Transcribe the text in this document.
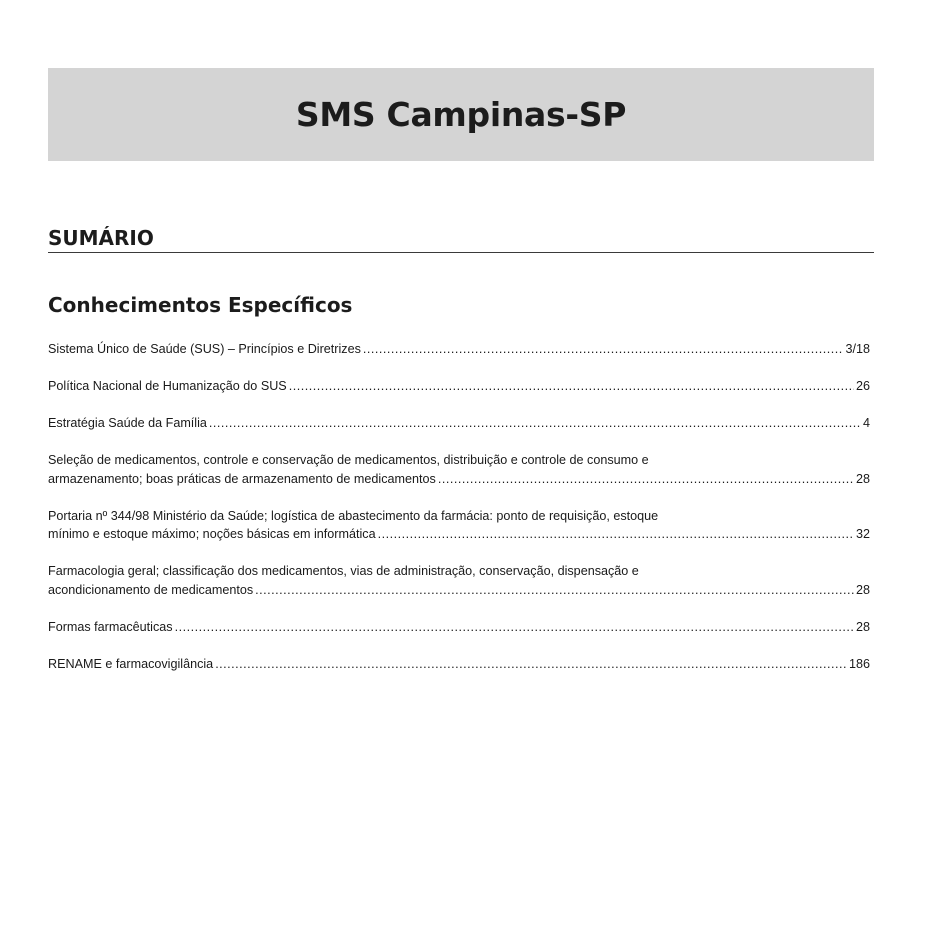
SMS Campinas-SP
SUMÁRIO
Conhecimentos Específicos
Sistema Único de Saúde (SUS) – Princípios e Diretrizes .....	3/18
Política Nacional de Humanização do SUS .....	26
Estratégia Saúde da Família .....	4
Seleção de medicamentos, controle e conservação de medicamentos, distribuição e controle de consumo e
armazenamento; boas práticas de armazenamento de medicamentos .....	28
Portaria nº 344/98 Ministério da Saúde; logística de abastecimento da farmácia: ponto de requisição, estoque
mínimo e estoque máximo; noções básicas em informática .....	32
Farmacologia geral; classificação dos medicamentos, vias de administração, conservação, dispensação e
acondicionamento de medicamentos .....	28
Formas farmacêuticas .....	28
RENAME e farmacovigilância .....	186
